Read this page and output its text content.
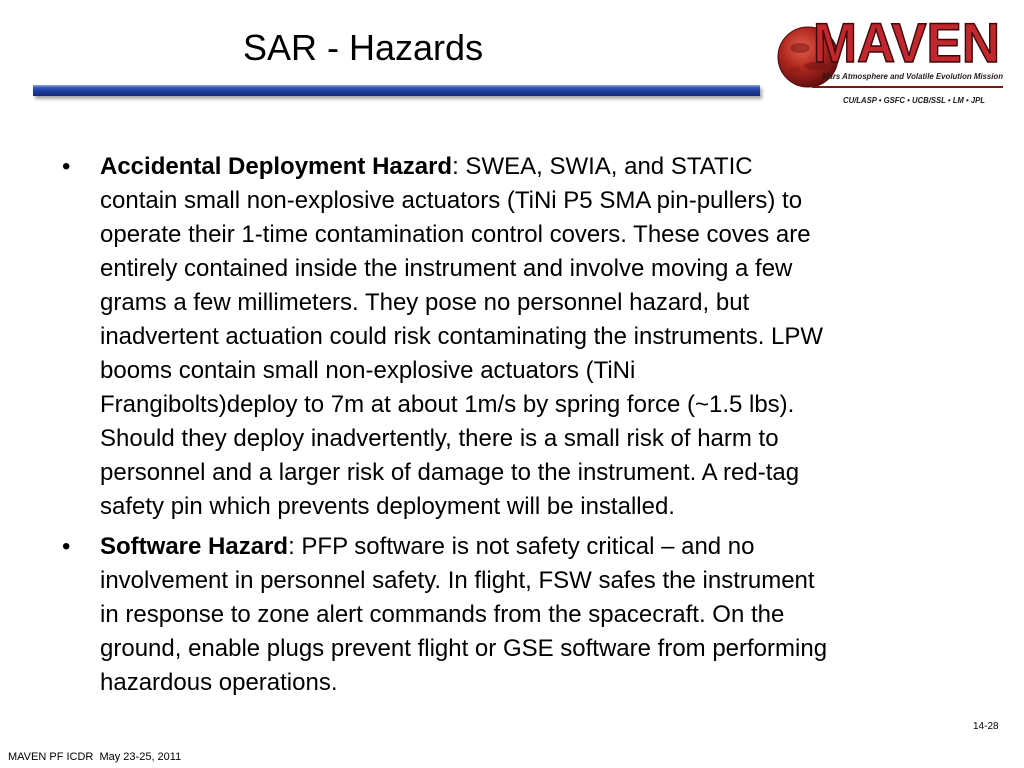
SAR - Hazards	MAVEN
Mars Atmosphere and Volatile Evolution Mission
CU/LASP • GSFC • UCB/SSL • LM • JPL
•	Accidental Deployment Hazard: SWEA, SWIA, and STATIC
contain small non-explosive actuators (TiNi P5 SMA pin-pullers) to
operate their 1-time contamination control covers. These coves are
entirely contained inside the instrument and involve moving a few
grams a few millimeters. They pose no personnel hazard, but
inadvertent actuation could risk contaminating the instruments. LPW
booms contain small non-explosive actuators (TiNi
Frangibolts)deploy to 7m at about 1m/s by spring force (~1.5 lbs).
Should they deploy inadvertently, there is a small risk of harm to
personnel and a larger risk of damage to the instrument. A red-tag
safety pin which prevents deployment will be installed.
•	Software Hazard: PFP software is not safety critical – and no
involvement in personnel safety. In flight, FSW safes the instrument
in response to zone alert commands from the spacecraft. On the
ground, enable plugs prevent flight or GSE software from performing
hazardous operations.
14-28
MAVEN PF ICDR  May 23-25, 2011
